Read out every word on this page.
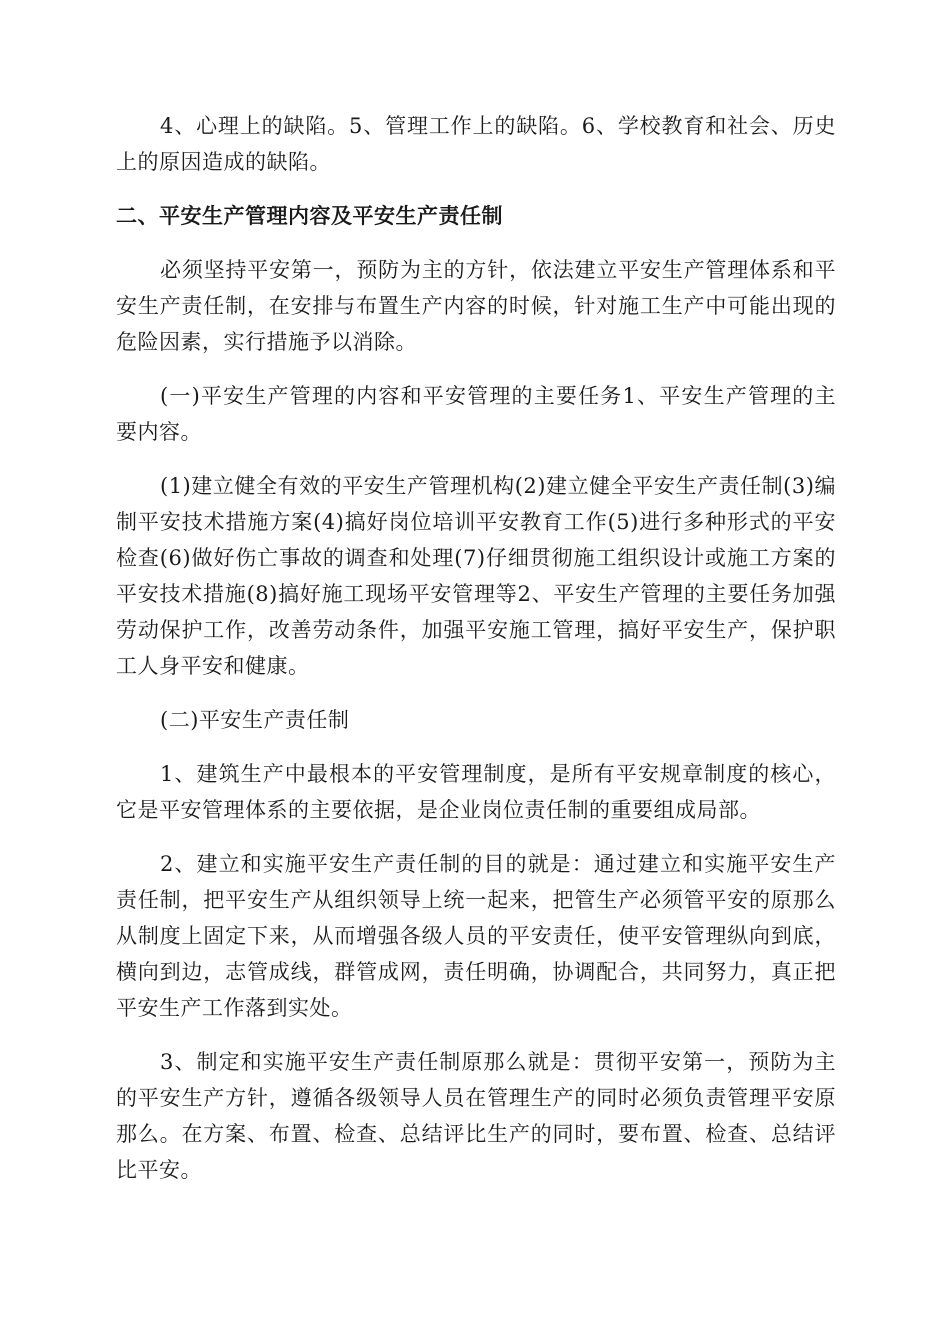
4、心理上的缺陷。5、管理工作上的缺陷。6、学校教育和社会、历史上的原因造成的缺陷。

二、平安生产管理内容及平安生产责任制

必须坚持平安第一，预防为主的方针，依法建立平安生产管理体系和平安生产责任制，在安排与布置生产内容的时候，针对施工生产中可能出现的危险因素，实行措施予以消除。

(一)平安生产管理的内容和平安管理的主要任务1、平安生产管理的主要内容。

(1)建立健全有效的平安生产管理机构(2)建立健全平安生产责任制(3)编制平安技术措施方案(4)搞好岗位培训平安教育工作(5)进行多种形式的平安检查(6)做好伤亡事故的调查和处理(7)仔细贯彻施工组织设计或施工方案的平安技术措施(8)搞好施工现场平安管理等2、平安生产管理的主要任务加强劳动保护工作，改善劳动条件，加强平安施工管理，搞好平安生产，保护职工人身平安和健康。

(二)平安生产责任制

1、建筑生产中最根本的平安管理制度，是所有平安规章制度的核心，它是平安管理体系的主要依据，是企业岗位责任制的重要组成局部。

2、建立和实施平安生产责任制的目的就是：通过建立和实施平安生产责任制，把平安生产从组织领导上统一起来，把管生产必须管平安的原那么从制度上固定下来，从而增强各级人员的平安责任，使平安管理纵向到底，横向到边，志管成线，群管成网，责任明确，协调配合，共同努力，真正把平安生产工作落到实处。

3、制定和实施平安生产责任制原那么就是：贯彻平安第一，预防为主的平安生产方针，遵循各级领导人员在管理生产的同时必须负责管理平安原那么。在方案、布置、检查、总结评比生产的同时，要布置、检查、总结评比平安。
